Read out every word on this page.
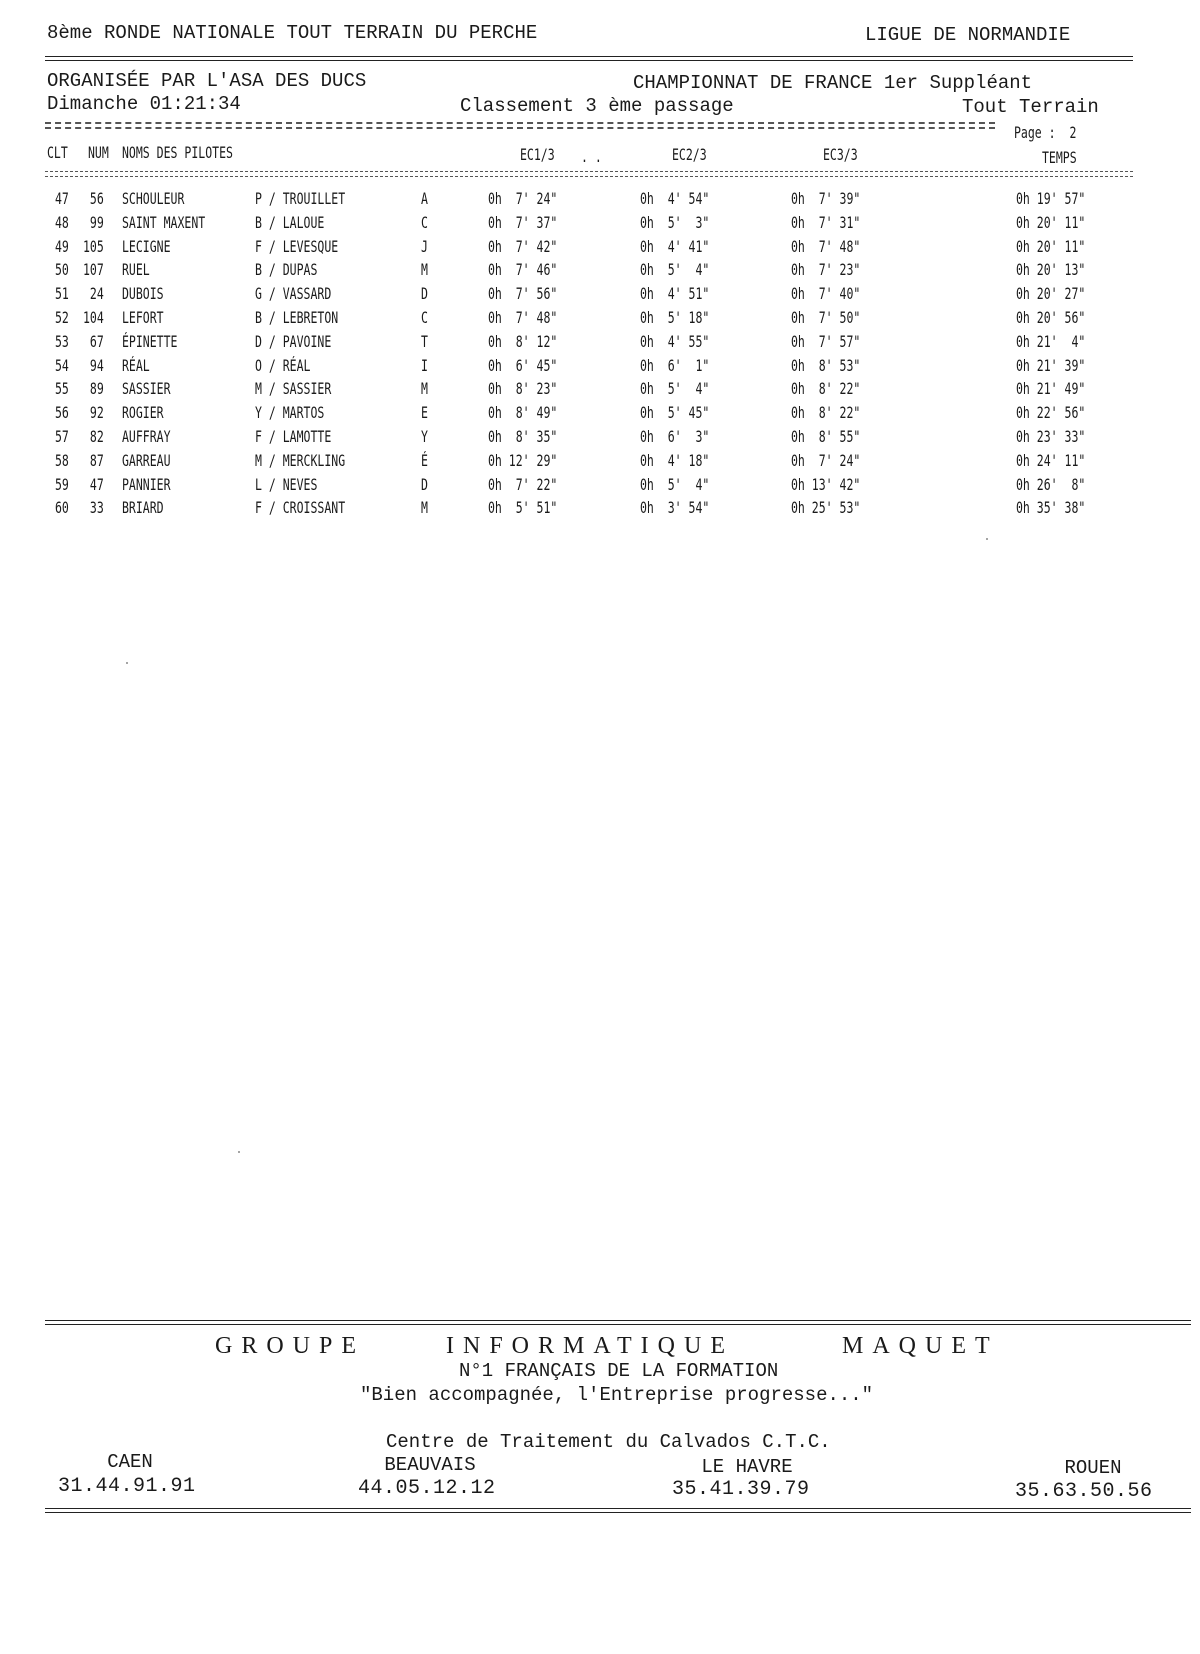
8ème RONDE NATIONALE TOUT TERRAIN DU PERCHE	LIGUE DE NORMANDIE
ORGANISÉE PAR L'ASA DES DUCS	CHAMPIONNAT DE FRANCE 1er Suppléant
Dimanche 01:21:34	Classement 3 ème passage	Tout Terrain
Page :  2
CLT NUM NOMS DES PILOTES	EC1/3 . .	EC2/3	EC3/3	TEMPS
47	56 SCHOULEUR	P / TROUILLET	A	0h  7' 24"	0h  4' 54"	0h  7' 39"	0h 19' 57"
48	99 SAINT MAXENT	B / LALOUE	C	0h  7' 37"	0h  5'  3"	0h  7' 31"	0h 20' 11"
49 105 LECIGNE	F / LEVESQUE	J	0h  7' 42"	0h  4' 41"	0h  7' 48"	0h 20' 11"
50 107 RUEL	B / DUPAS	M	0h  7' 46"	0h  5'  4"	0h  7' 23"	0h 20' 13"
51	24 DUBOIS	G / VASSARD	D	0h  7' 56"	0h  4' 51"	0h  7' 40"	0h 20' 27"
52 104 LEFORT	B / LEBRETON	C	0h  7' 48"	0h  5' 18"	0h  7' 50"	0h 20' 56"
53	67 ÉPINETTE	D / PAVOINE	T	0h  8' 12"	0h  4' 55"	0h  7' 57"	0h 21'  4"
54	94 RÉAL	O / RÉAL	I	0h  6' 45"	0h  6'  1"	0h  8' 53"	0h 21' 39"
55	89 SASSIER	M / SASSIER	M	0h  8' 23"	0h  5'  4"	0h  8' 22"	0h 21' 49"
56	92 ROGIER	Y / MARTOS	E	0h  8' 49"	0h  5' 45"	0h  8' 22"	0h 22' 56"
57	82 AUFFRAY	F / LAMOTTE	Y	0h  8' 35"	0h  6'  3"	0h  8' 55"	0h 23' 33"
58	87 GARREAU	M / MERCKLING	É	0h 12' 29"	0h  4' 18"	0h  7' 24"	0h 24' 11"
59	47 PANNIER	L / NEVES	D	0h  7' 22"	0h  5'  4"	0h 13' 42"	0h 26'  8"
60	33 BRIARD	F / CROISSANT	M	0h  5' 51"	0h  3' 54"	0h 25' 53"	0h 35' 38"
GROUPE	INFORMATIQUE	MAQUET
N°1 FRANÇAIS DE LA FORMATION
"Bien accompagnée, l'Entreprise progresse..."
Centre de Traitement du Calvados C.T.C.
CAEN
31.44.91.91
BEAUVAIS
44.05.12.12
LE HAVRE
35.41.39.79
ROUEN
35.63.50.56
